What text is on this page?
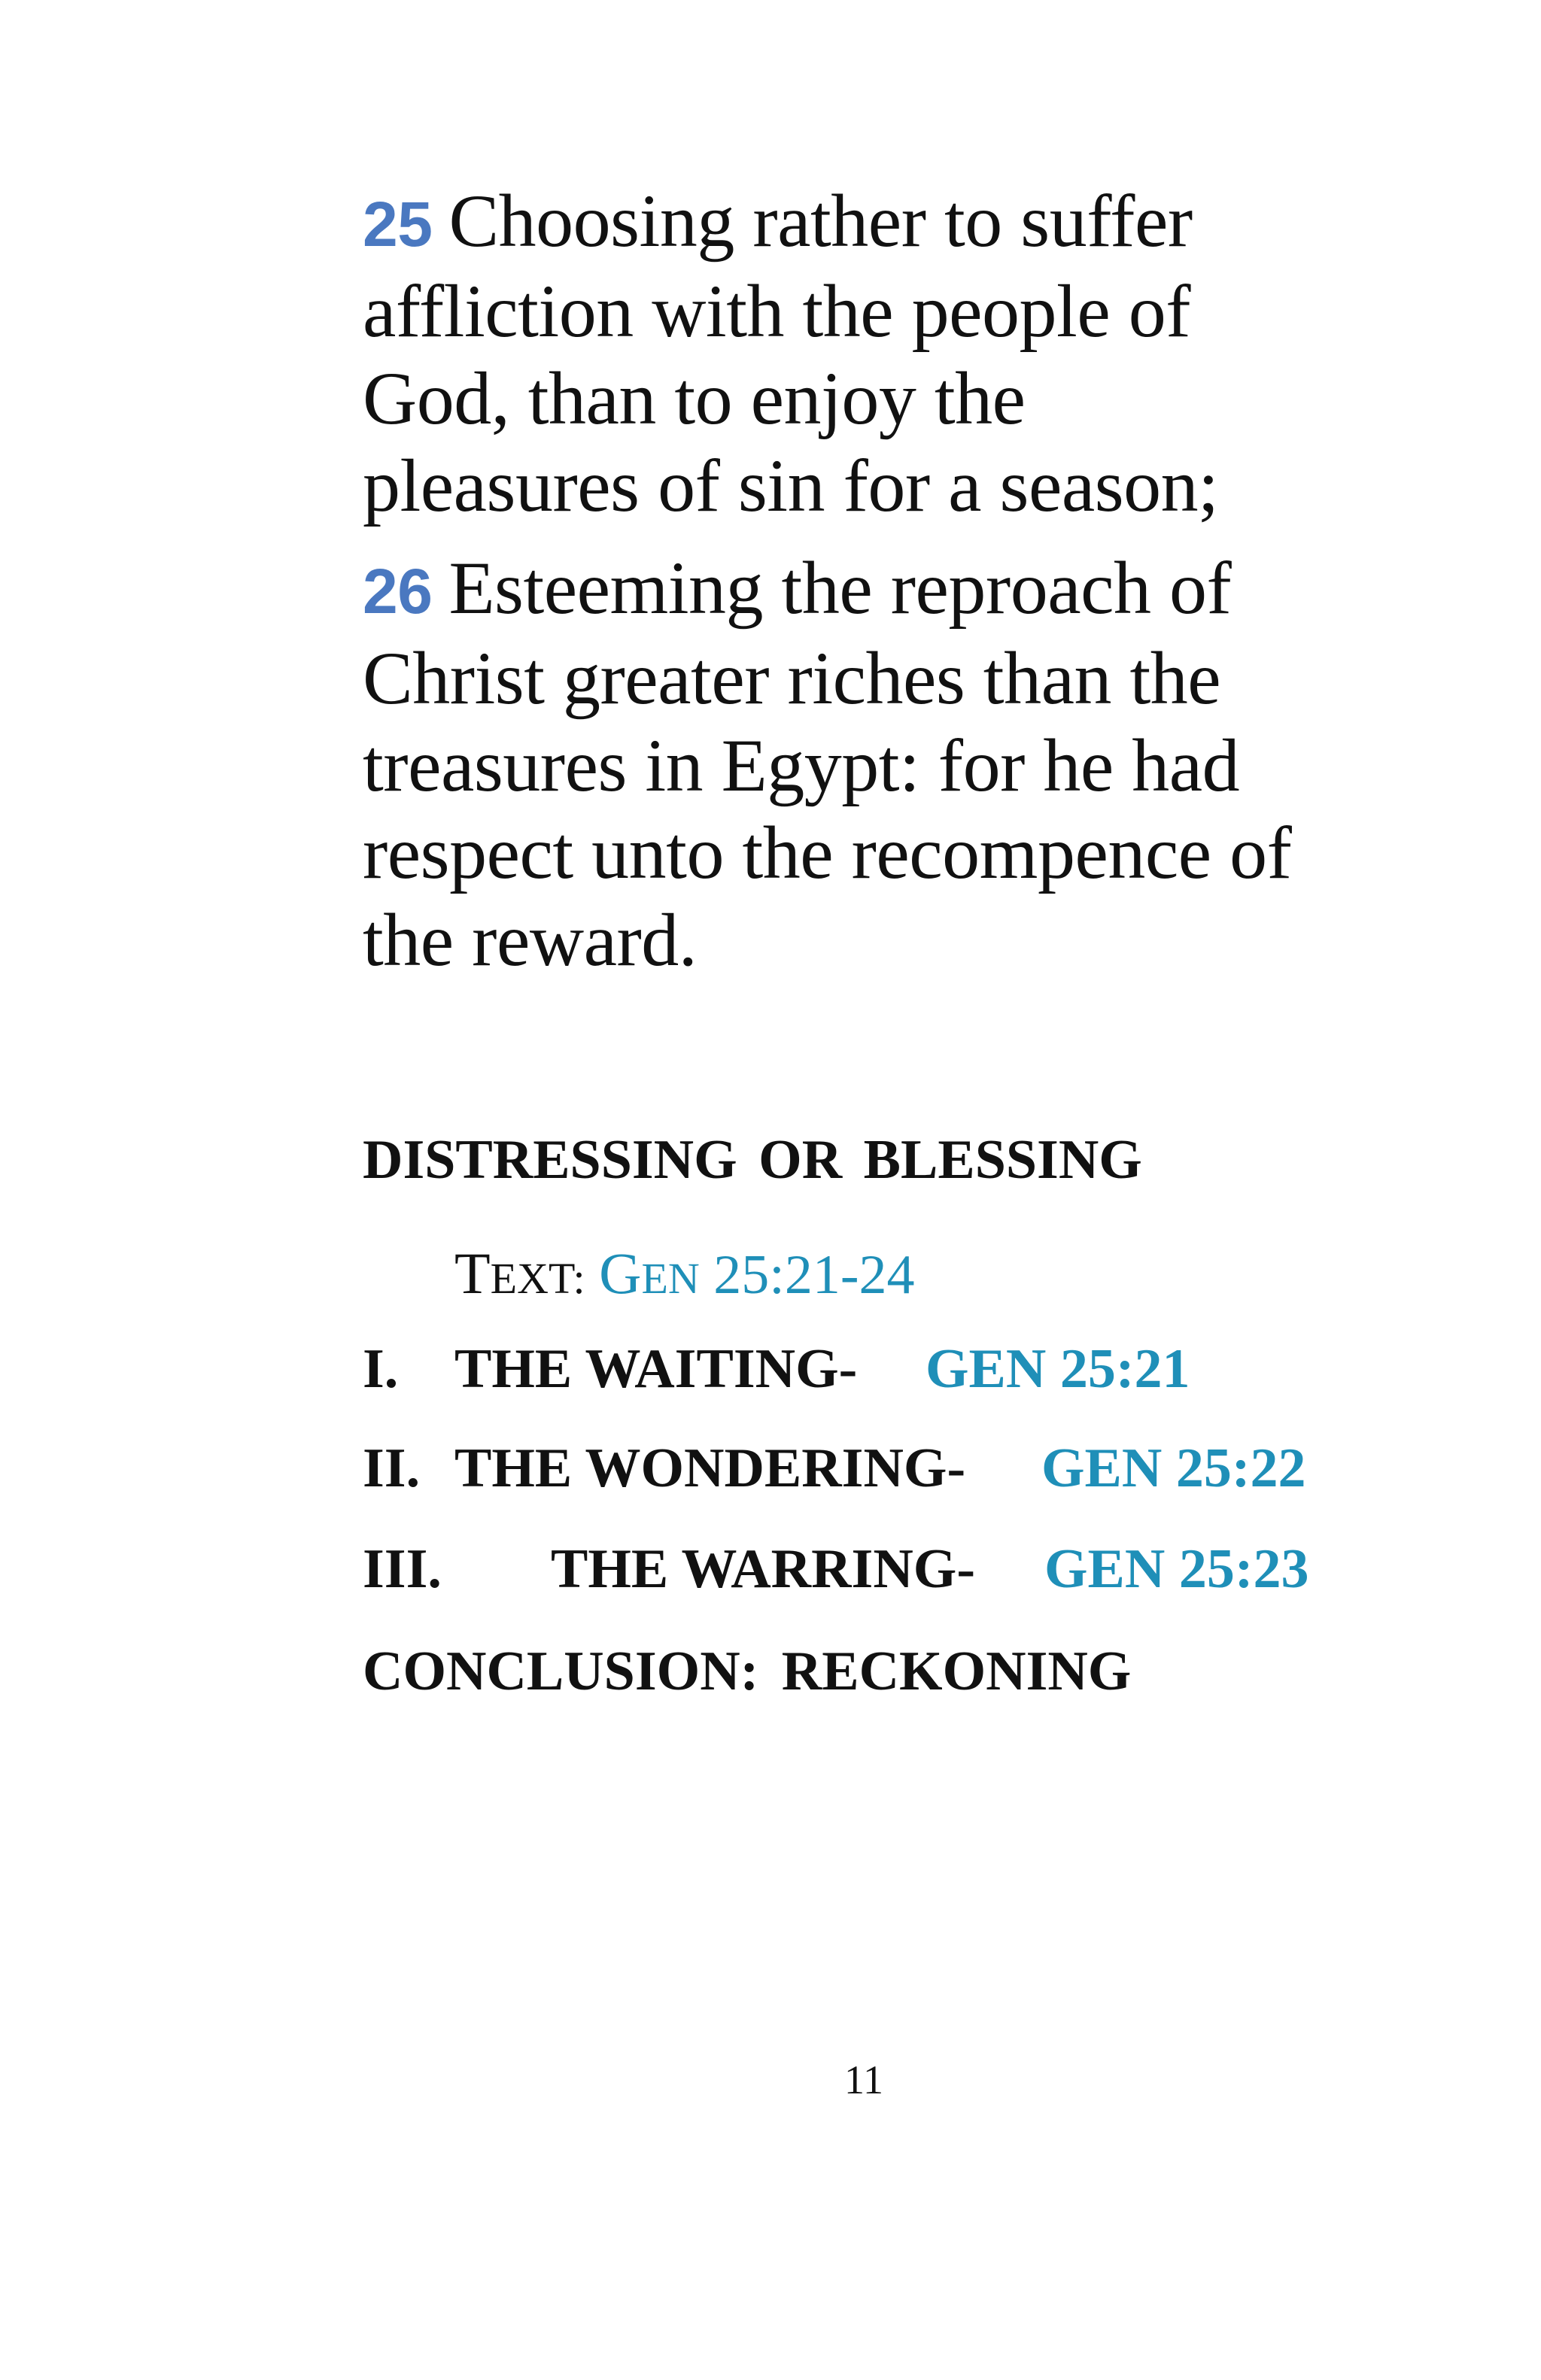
25 Choosing rather to suffer
affliction with the people of
God, than to enjoy the
pleasures of sin for a season;

26 Esteeming the reproach of
Christ greater riches than the
treasures in Egypt: for he had
respect unto the recompence of
the reward.

DISTRESSING OR BLESSING
TEXT: GEN 25:21-24
I. THE WAITING- GEN 25:21
II. THE WONDERING- GEN 25:22
III. THE WARRING- GEN 25:23
CONCLUSION: RECKONING
11
